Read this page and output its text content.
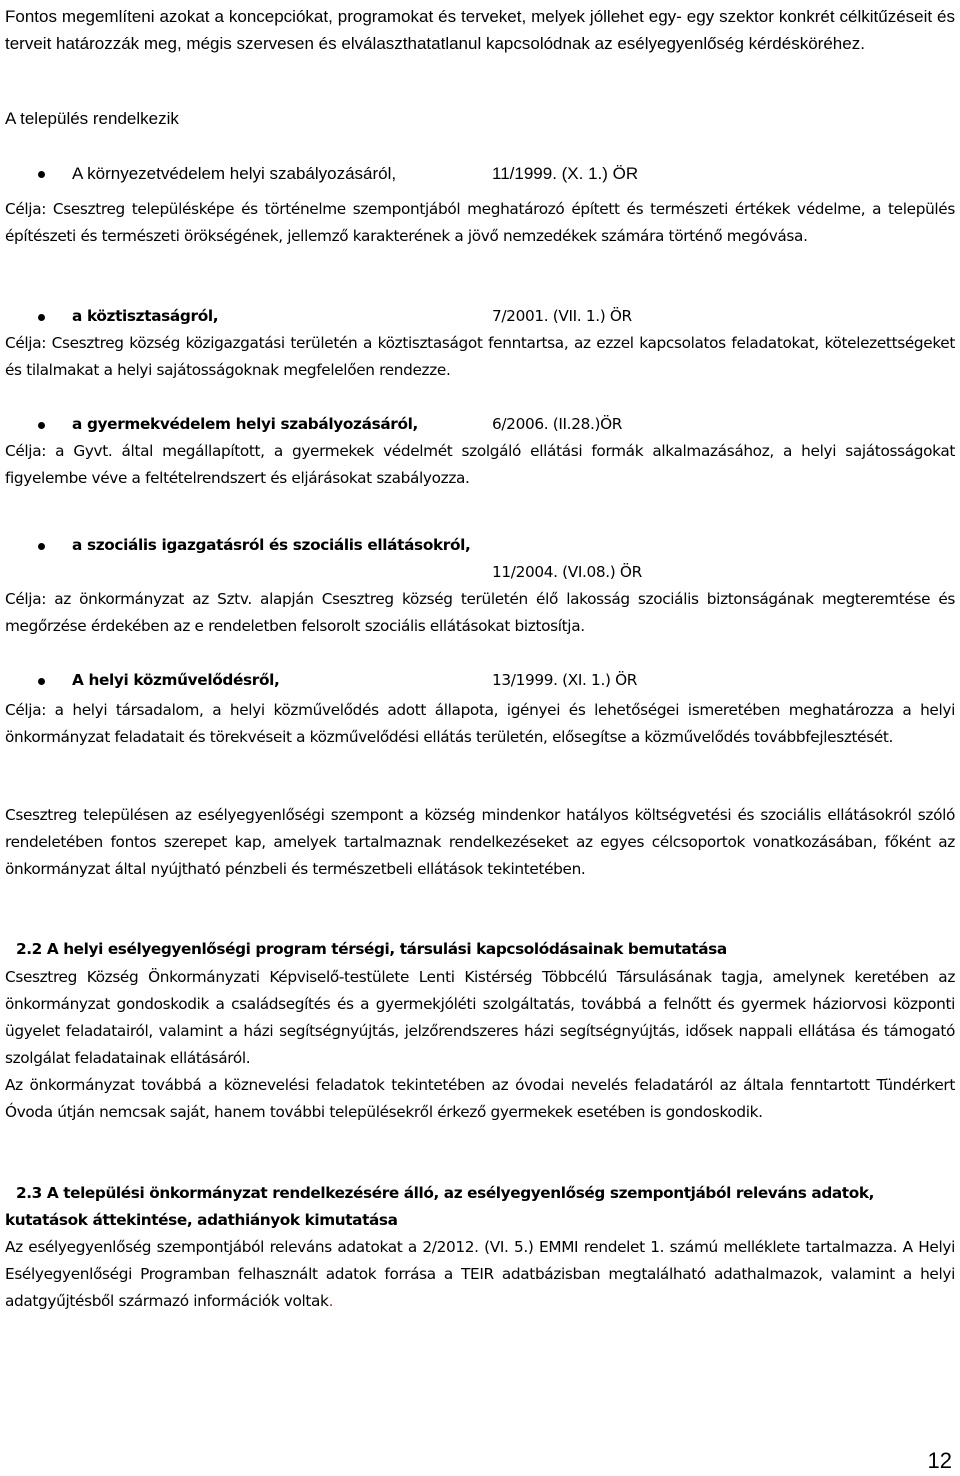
Fontos megemlíteni azokat a koncepciókat, programokat és terveket, melyek jóllehet egy- egy szektor konkrét célkitűzéseit és terveit határozzák meg, mégis szervesen és elválaszthatatlanul kapcsolódnak az esélyegyenlőség kérdésköréhez.

A település rendelkezik

A környezetvédelem helyi szabályozásáról,	11/1999. (X. 1.) ÖR

Célja: Csesztreg településképe és történelme szempontjából meghatározó épített és természeti értékek védelme, a település építészeti és természeti örökségének, jellemző karakterének a jövő nemzedékek számára történő megóvása.

a köztisztaságról,	7/2001. (VII. 1.) ÖR

Célja: Csesztreg község közigazgatási területén a köztisztaságot fenntartsa, az ezzel kapcsolatos feladatokat, kötelezettségeket és tilalmakat a helyi sajátosságoknak megfelelően rendezze.

a gyermekvédelem helyi szabályozásáról,	6/2006. (II.28.)ÖR

Célja: a Gyvt. által megállapított, a gyermekek védelmét szolgáló ellátási formák alkalmazásához, a helyi sajátosságokat figyelembe véve a feltételrendszert és eljárásokat szabályozza.

a szociális igazgatásról és szociális ellátásokról,
11/2004. (VI.08.) ÖR

Célja: az önkormányzat az Sztv. alapján Csesztreg község területén élő lakosság szociális biztonságának megteremtése és megőrzése érdekében az e rendeletben felsorolt szociális ellátásokat biztosítja.

A helyi közművelődésről,	13/1999. (XI. 1.) ÖR

Célja: a helyi társadalom, a helyi közművelődés adott állapota, igényei és lehetőségei ismeretében meghatározza a helyi önkormányzat feladatait és törekvéseit a közművelődési ellátás területén, elősegítse a közművelődés továbbfejlesztését.

Csesztreg településen az esélyegyenlőségi szempont a község mindenkor hatályos költségvetési és szociális ellátásokról szóló rendeletében fontos szerepet kap, amelyek tartalmaznak rendelkezéseket az egyes célcsoportok vonatkozásában, főként az önkormányzat által nyújtható pénzbeli és természetbeli ellátások tekintetében.

2.2 A helyi esélyegyenlőségi program térségi, társulási kapcsolódásainak bemutatása

Csesztreg Község Önkormányzati Képviselő-testülete Lenti Kistérség Többcélú Társulásának tagja, amelynek keretében az önkormányzat gondoskodik a családsegítés és a gyermekjóléti szolgáltatás, továbbá a felnőtt és gyermek háziorvosi központi ügyelet feladatairól, valamint a házi segítségnyújtás, jelzőrendszeres házi segítségnyújtás, idősek nappali ellátása és támogató szolgálat feladatainak ellátásáról.

Az önkormányzat továbbá a köznevelési feladatok tekintetében az óvodai nevelés feladatáról az általa fenntartott Tündérkert Óvoda útján nemcsak saját, hanem további településekről érkező gyermekek esetében is gondoskodik.

2.3 A települési önkormányzat rendelkezésére álló, az esélyegyenlőség szempontjából releváns adatok,
kutatások áttekintése, adathiányok kimutatása

Az esélyegyenlőség szempontjából releváns adatokat a 2/2012. (VI. 5.) EMMI rendelet 1. számú melléklete tartalmazza. A Helyi Esélyegyenlőségi Programban felhasznált adatok forrása a TEIR adatbázisban megtalálható adathalmazok, valamint a helyi adatgyűjtésből származó információk voltak.

12
